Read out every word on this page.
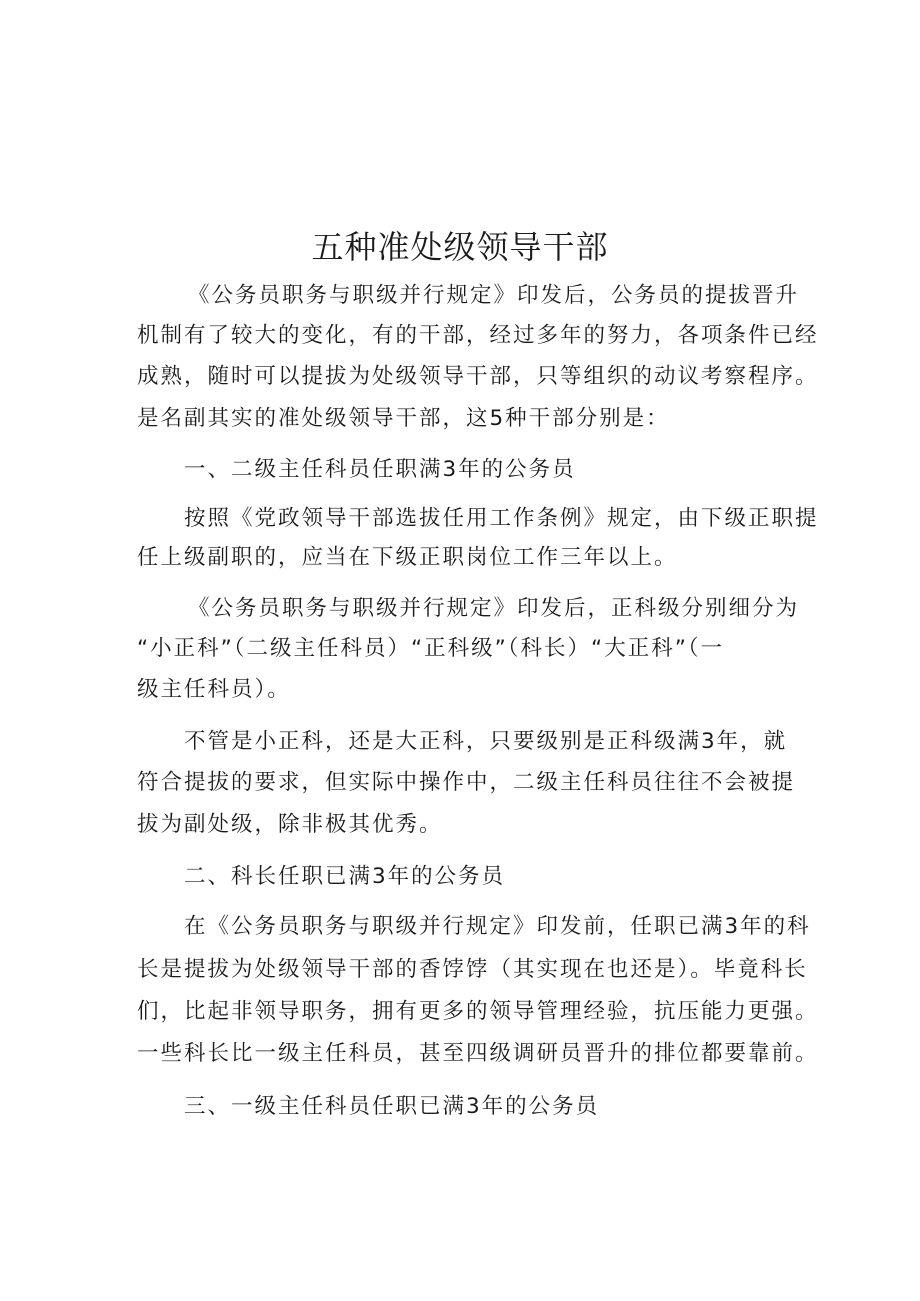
五种准处级领导干部
《公务员职务与职级并行规定》印发后，公务员的提拔晋升
机制有了较大的变化，有的干部，经过多年的努力，各项条件已经
成熟，随时可以提拔为处级领导干部，只等组织的动议考察程序。
是名副其实的准处级领导干部，这5种干部分别是：
一、二级主任科员任职满3年的公务员
按照《党政领导干部选拔任用工作条例》规定，由下级正职提
任上级副职的，应当在下级正职岗位工作三年以上。
《公务员职务与职级并行规定》印发后，正科级分别细分为
“小正科”（二级主任科员）“正科级”（科长）“大正科”（一
级主任科员）。
不管是小正科，还是大正科，只要级别是正科级满3年，就
符合提拔的要求，但实际中操作中，二级主任科员往往不会被提
拔为副处级，除非极其优秀。
二、科长任职已满3年的公务员
在《公务员职务与职级并行规定》印发前，任职已满3年的科
长是提拔为处级领导干部的香饽饽（其实现在也还是）。毕竟科长
们，比起非领导职务，拥有更多的领导管理经验，抗压能力更强。
一些科长比一级主任科员，甚至四级调研员晋升的排位都要靠前。
三、一级主任科员任职已满3年的公务员
